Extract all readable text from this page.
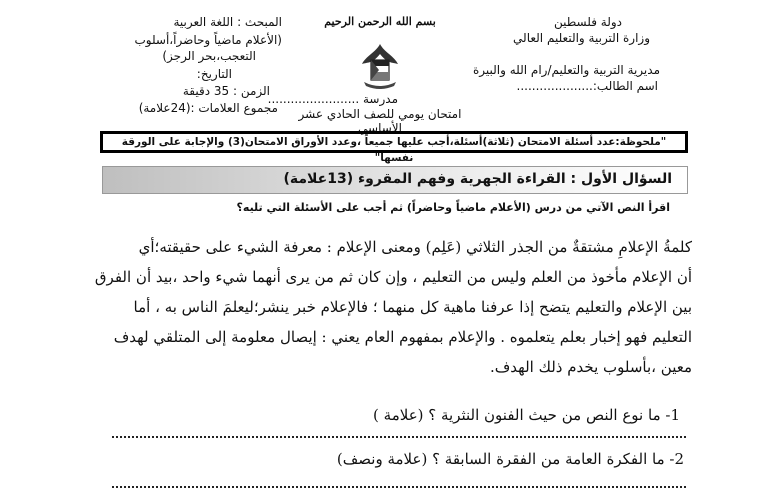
دولة فلسطين
وزارة التربية والتعليم العالي
مديرية التربية والتعليم/رام الله والبيرة
اسم الطالب:....................
بسم الله الرحمن الرحيم
مدرسة ........................
امتحان يومي للصف الحادي عشر
الأساسي
المبحث : اللغة العربية
(الأعلام ماضياً وحاضراً،أسلوب
التعجب،بحر الرجز)
التاريخ:
الزمن : 35 دقيقة
مجموع العلامات :(24علامة)
"ملحوظة:عدد أسئلة الامتحان (ثلاثة)أسئلة،أجب عليها جميعاً ،وعدد الأوراق الامتحان(3) والإجابة على الورقة نفسها"
السؤال الأول : القراءة الجهرية وفهم المقروء (13علامة)
اقرأ النص الآتي من درس (الأعلام ماضياً وحاضراً) ثم أجب على الأسئلة التي تليه؟
كلمةُ الإعلامِ مشتقةٌ من الجذر الثلاثي (عَلِم) ومعنى الإعلام : معرفة الشيء على حقيقته؛أي
أن الإعلام مأخوذ من العلم وليس من التعليم ، وإن كان ثم من يرى أنهما شيء واحد ،بيد أن الفرق
بين الإعلام والتعليم يتضح إذا عرفنا ماهية كل منهما ؛ فالإعلام خبر ينشر؛ليعلمَ الناس به ، أما
التعليم فهو إخبار بعلم يتعلموه . والإعلام بمفهوم العام يعني : إيصال معلومة إلى المتلقي لهدف
معين ،بأسلوب يخدم ذلك الهدف.
1- ما نوع النص من حيث الفنون النثرية ؟ (علامة )
2- ما الفكرة العامة من الفقرة السابقة ؟ (علامة ونصف)
